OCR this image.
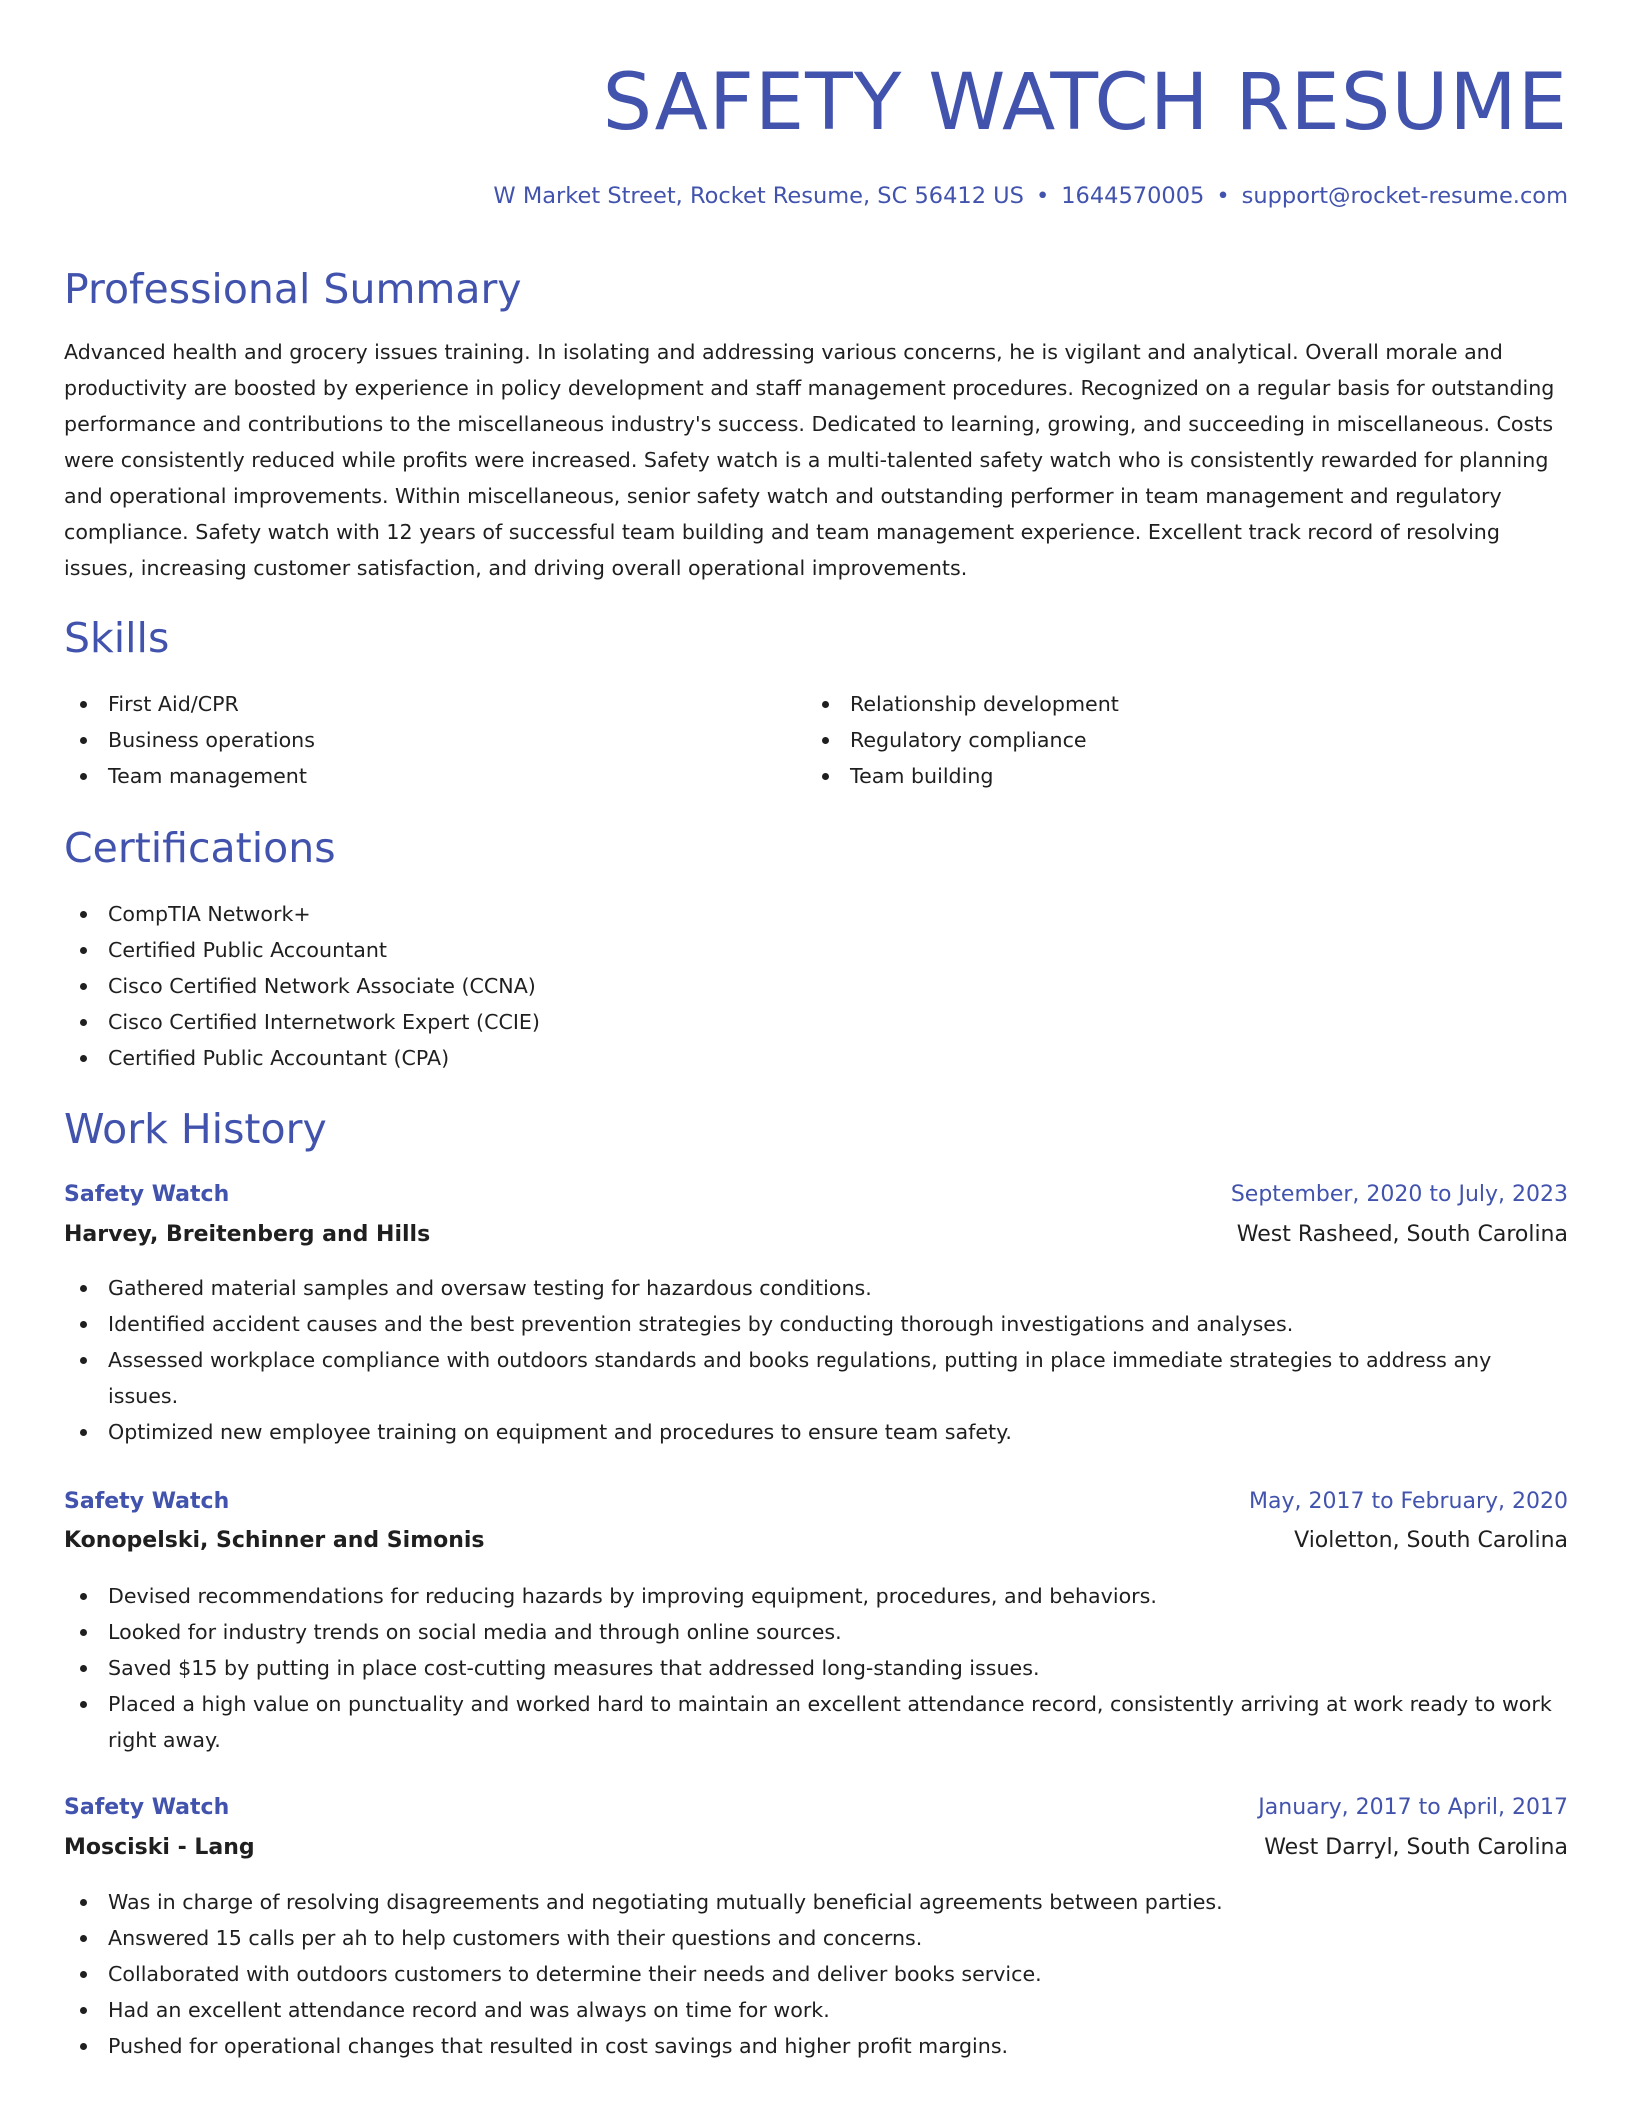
SAFETY WATCH RESUME
W Market Street, Rocket Resume, SC 56412 US • 1644570005 • support@rocket-resume.com
Professional Summary

Advanced health and grocery issues training. In isolating and addressing various concerns, he is vigilant and analytical. Overall morale and productivity are boosted by experience in policy development and staff management procedures. Recognized on a regular basis for outstanding performance and contributions to the miscellaneous industry's success. Dedicated to learning, growing, and succeeding in miscellaneous. Costs were consistently reduced while profits were increased. Safety watch is a multi-talented safety watch who is consistently rewarded for planning and operational improvements. Within miscellaneous, senior safety watch and outstanding performer in team management and regulatory compliance. Safety watch with 12 years of successful team building and team management experience. Excellent track record of resolving issues, increasing customer satisfaction, and driving overall operational improvements.

Skills
First Aid/CPR
Business operations
Team management
Relationship development
Regulatory compliance
Team building
Certifications
CompTIA Network+
Certified Public Accountant
Cisco Certified Network Associate (CCNA)
Cisco Certified Internetwork Expert (CCIE)
Certified Public Accountant (CPA)
Work History
Safety Watch	September, 2020 to July, 2023
Harvey, Breitenberg and Hills	West Rasheed, South Carolina
Gathered material samples and oversaw testing for hazardous conditions.
Identified accident causes and the best prevention strategies by conducting thorough investigations and analyses.
Assessed workplace compliance with outdoors standards and books regulations, putting in place immediate strategies to address any issues.
Optimized new employee training on equipment and procedures to ensure team safety.
Safety Watch	May, 2017 to February, 2020
Konopelski, Schinner and Simonis	Violetton, South Carolina
Devised recommendations for reducing hazards by improving equipment, procedures, and behaviors.
Looked for industry trends on social media and through online sources.
Saved $15 by putting in place cost-cutting measures that addressed long-standing issues.
Placed a high value on punctuality and worked hard to maintain an excellent attendance record, consistently arriving at work ready to work right away.
Safety Watch	January, 2017 to April, 2017
Mosciski - Lang	West Darryl, South Carolina
Was in charge of resolving disagreements and negotiating mutually beneficial agreements between parties.
Answered 15 calls per ah to help customers with their questions and concerns.
Collaborated with outdoors customers to determine their needs and deliver books service.
Had an excellent attendance record and was always on time for work.
Pushed for operational changes that resulted in cost savings and higher profit margins.
